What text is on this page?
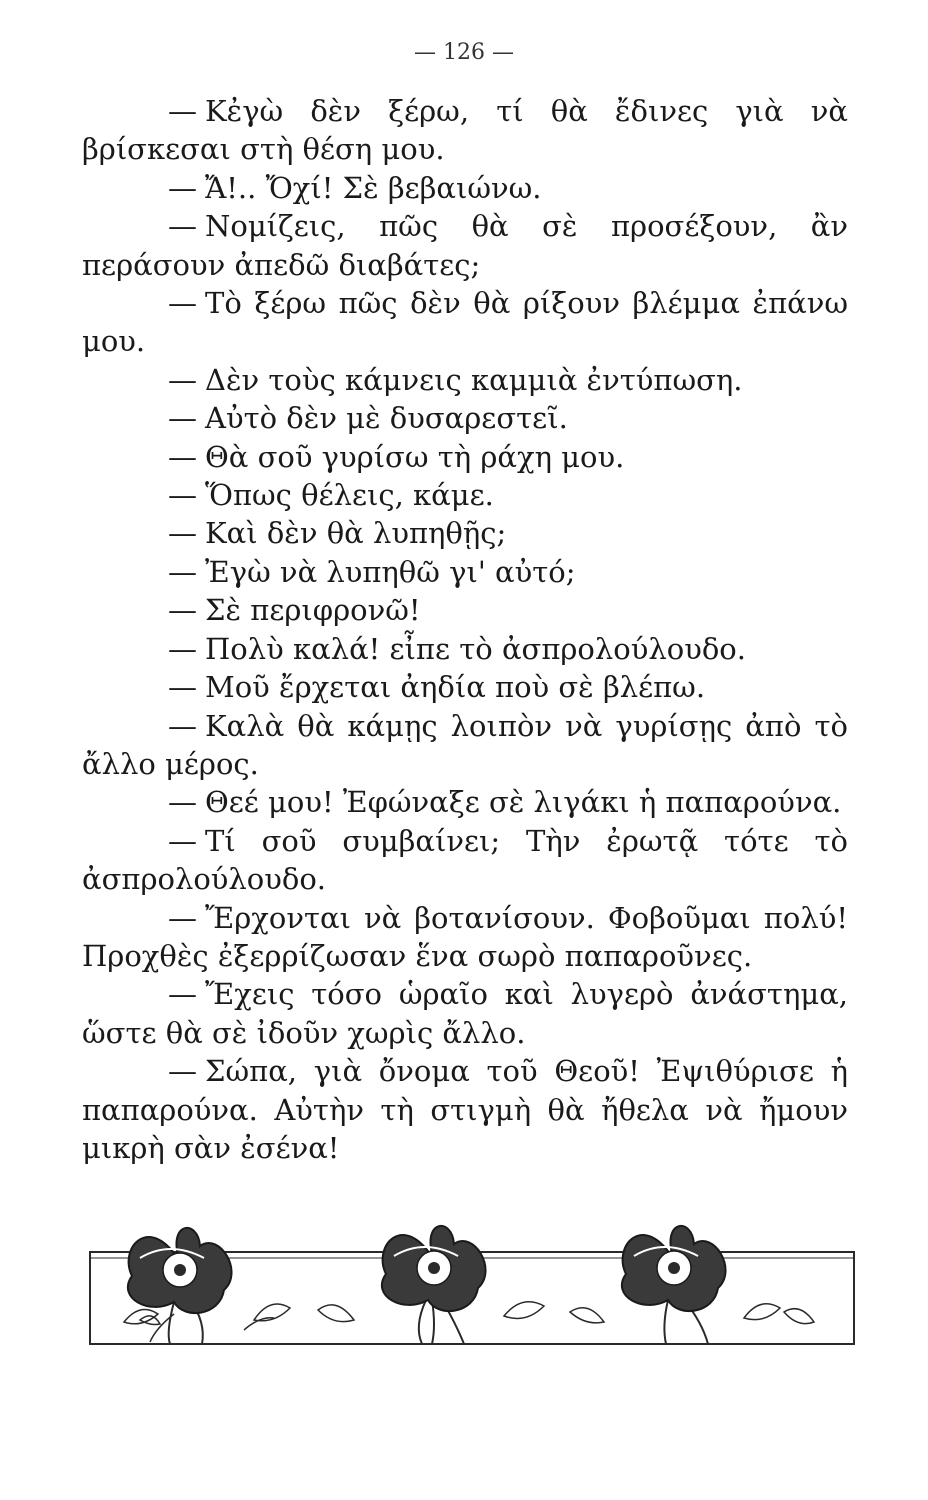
— 126 —

— Κἐγὼ δὲν ξέρω, τί θὰ ἔδινες γιὰ νὰ βρίσκεσαι στὴ θέση μου.

— Ἄ!.. Ὄχί! Σὲ βεβαιώνω.

— Νομίζεις, πῶς θὰ σὲ προσέξουν, ἂν περάσουν ἀπεδῶ διαβάτες;

— Τὸ ξέρω πῶς δὲν θὰ ρίξουν βλέμμα ἐπάνω μου.

— Δὲν τοὺς κάμνεις καμμιὰ ἐντύπωση.

— Αὐτὸ δὲν μὲ δυσαρεστεῖ.

— Θὰ σοῦ γυρίσω τὴ ράχη μου.

— Ὅπως θέλεις, κάμε.

— Καὶ δὲν θὰ λυπηθῇς;

— Ἐγὼ νὰ λυπηθῶ γι' αὐτό;

— Σὲ περιφρονῶ!

— Πολὺ καλά! εἶπε τὸ ἀσπρολούλουδο.

— Μοῦ ἔρχεται ἀηδία ποὺ σὲ βλέπω.

— Καλὰ θὰ κάμῃς λοιπὸν νὰ γυρίσῃς ἀπὸ τὸ ἄλλο μέρος.

— Θεέ μου! Ἐφώναξε σὲ λιγάκι ἡ παπαρούνα.

— Τί σοῦ συμβαίνει; Τὴν ἐρωτᾷ τότε τὸ ἀσπρολούλουδο.

— Ἔρχονται νὰ βοτανίσουν. Φοβοῦμαι πολύ! Προχθὲς ἐξερρίζωσαν ἕνα σωρὸ παπαροῦνες.

— Ἔχεις τόσο ὡραῖο καὶ λυγερὸ ἀνάστημα, ὥστε θὰ σὲ ἰδοῦν χωρὶς ἄλλο.

— Σώπα, γιὰ ὄνομα τοῦ Θεοῦ! Ἐψιθύρισε ἡ παπαρούνα. Αὐτὴν τὴ στιγμὴ θὰ ἤθελα νὰ ἤμουν μικρὴ σὰν ἐσένα!
